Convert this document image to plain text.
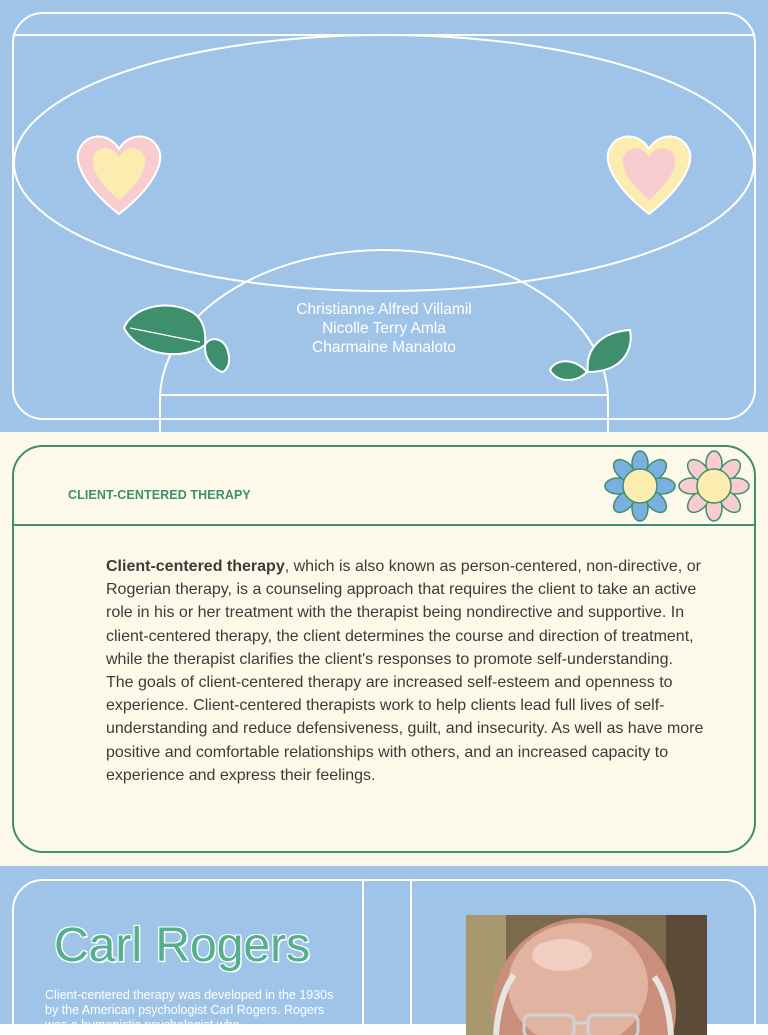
Christianne Alfred Villamil
Nicolle Terry Amla
Charmaine Manaloto
CLIENT-CENTERED THERAPY

Client-centered therapy, which is also known as person-centered, non-directive, or Rogerian therapy, is a counseling approach that requires the client to take an active role in his or her treatment with the therapist being nondirective and supportive. In client-centered therapy, the client determines the course and direction of treatment, while the therapist clarifies the client's responses to promote self-understanding.

The goals of client-centered therapy are increased self-esteem and openness to experience. Client-centered therapists work to help clients lead full lives of self-understanding and reduce defensiveness, guilt, and insecurity. As well as have more positive and comfortable relationships with others, and an increased capacity to experience and express their feelings.

Carl Rogers
Client-centered therapy was developed in the 1930s by the American psychologist Carl Rogers. Rogers was a humanistic psychologist who
